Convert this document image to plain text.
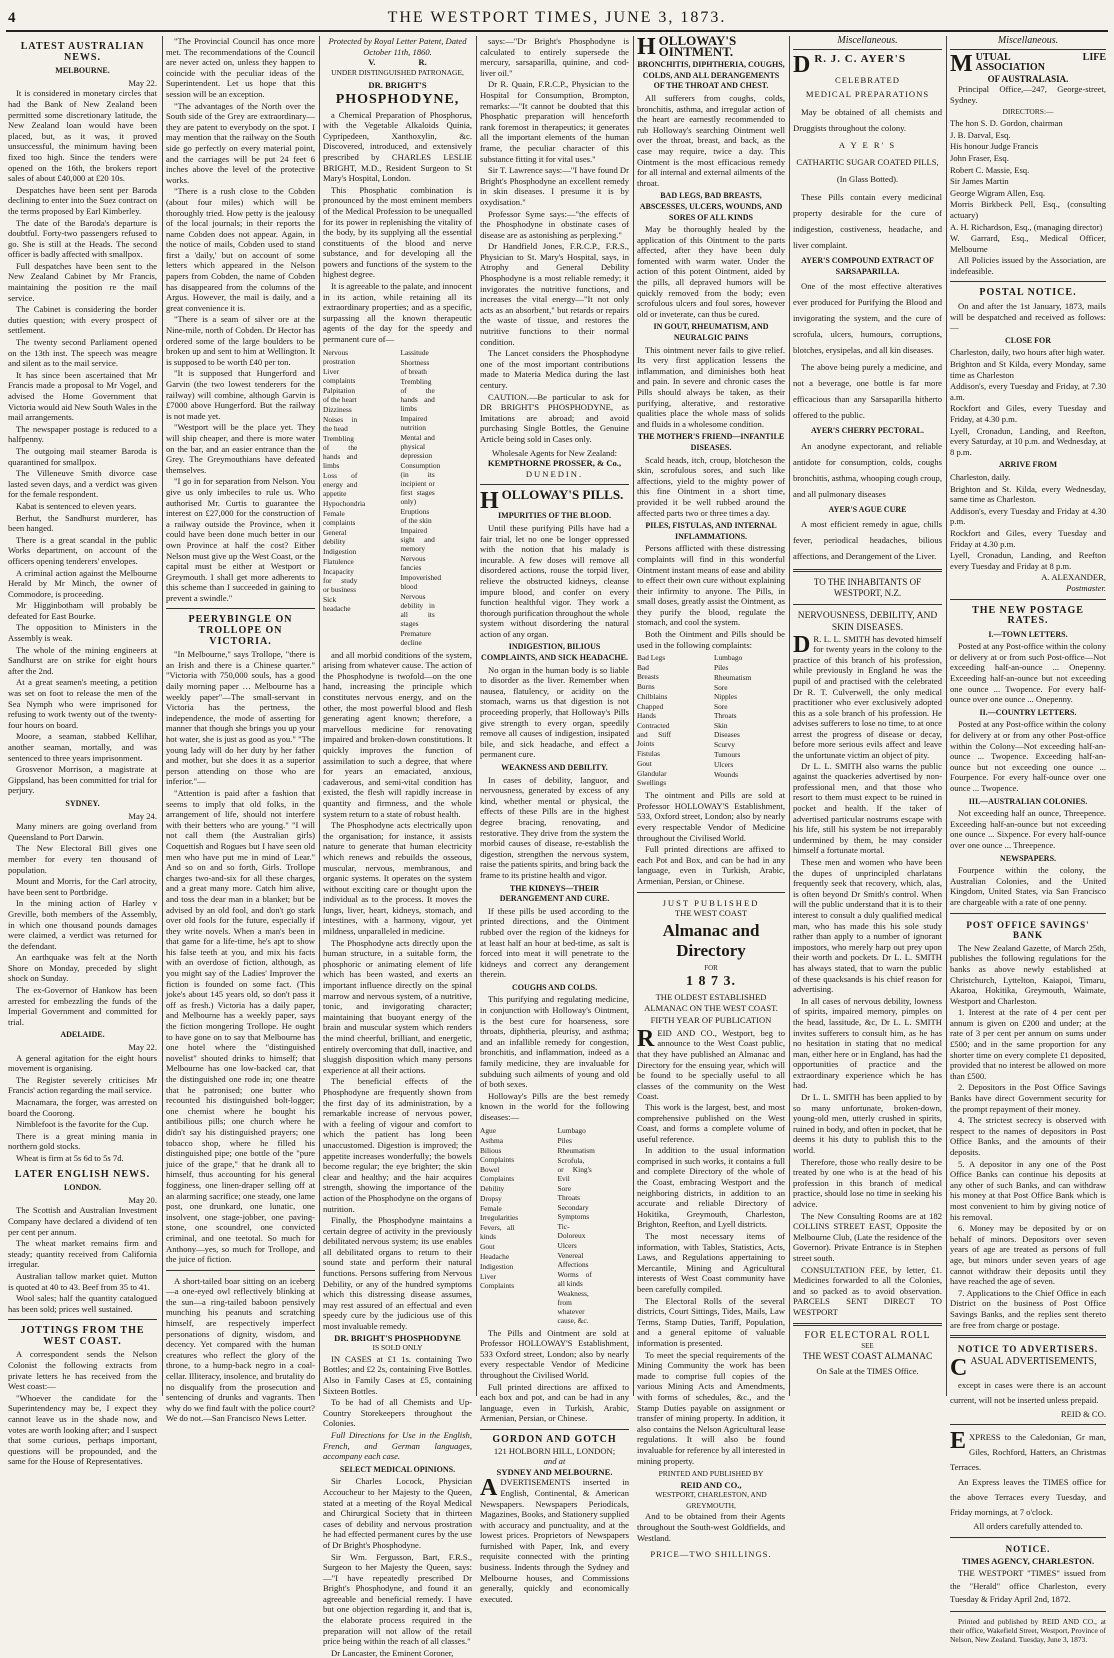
4	THE WESTPORT TIMES, JUNE 3, 1873.
LATEST AUSTRALIAN NEWS.
MELBOURNE.
May 22.

It is considered in monetary circles that had the Bank of New Zealand been permitted some discretionary latitude, the New Zealand loan would have been placed, but, as it was, it proved unsuccessful, the minimum having been fixed too high. Since the tenders were opened on the 16th, the brokers report sales of about £40,000 at £20 10s.

Despatches have been sent per Baroda declining to enter into the Suez contract on the terms proposed by Earl Kimberley.

The date of the Baroda's departure is doubtful. Forty-two passengers refused to go. She is still at the Heads. The second officer is badly affected with smallpox.

Full despatches have been sent to the New Zealand Cabinet by Mr Francis, maintaining the position re the mail service.

The Cabinet is considering the border duties question; with every prospect of settlement.

The twenty second Parliament opened on the 13th inst. The speech was meagre and silent as to the mail service.

It has since been ascertained that Mr Francis made a proposal to Mr Vogel, and advised the Home Government that Victoria would aid New South Wales in the mail arrangements.

The newspaper postage is reduced to a halfpenny.

The outgoing mail steamer Baroda is quarantined for smallpox.

The Villeneuve Smith divorce case lasted seven days, and a verdict was given for the female respondent.

Kabat is sentenced to eleven years.

Berhut, the Sandhurst murderer, has been hanged.

There is a great scandal in the public Works department, on account of the officers opening tenderers' envelopes.

A criminal action against the Melbourne Herald by Mr Minch, the owner of Commodore, is proceeding.

Mr Higginbotham will probably be defeated for East Bourke.

The opposition to Ministers in the Assembly is weak.

The whole of the mining engineers at Sandhurst are on strike for eight hours after the 2nd.

At a great seamen's meeting, a petition was set on foot to release the men of the Sea Nymph who were imprisoned for refusing to work twenty out of the twenty-four hours on board.

Moore, a seaman, stabbed Kellihar, another seaman, mortally, and was sentenced to three years imprisonment.

Grosvenor Morrison, a magistrate at Gippsland, has been committed for trial for perjury.

SYDNEY.
May 24.

Many miners are going overland from Queensland to Port Darwin.

The New Electoral Bill gives one member for every ten thousand of population.

Mount and Morris, for the Carl atrocity, have been sent to Portbridge.

In the mining action of Harley v Greville, both members of the Assembly, in which one thousand pounds damages were claimed, a verdict was returned for the defendant.

An earthquake was felt at the North Shore on Monday, preceded by slight shock on Sunday.

The ex-Governor of Hankow has been arrested for embezzling the funds of the Imperial Government and committed for trial.

ADELAIDE.
May 22.

A general agitation for the eight hours movement is organising.

The Register severely criticises Mr Francis' action regarding the mail service.

Macnamara, the forger, was arrested on board the Coorong.

Nimblefoot is the favorite for the Cup.

There is a great mining mania in northern gold stocks.

Wheat is firm at 5s 6d to 5s 7d.

LATER ENGLISH NEWS.
LONDON.
May 20.

The Scottish and Australian Investment Company have declared a dividend of ten per cent per annum.

The wheat market remains firm and steady; quantity received from California irregular.

Australian tallow market quiet. Mutton is quoted at 40 to 43. Beef from 35 to 41.

Wool sales; half the quantity catalogued has been sold; prices well sustained.

JOTTINGS FROM THE WEST COAST.

A correspondent sends the Nelson Colonist the following extracts from private letters he has received from the West coast:—

"Whoever the candidate for the Superintendency may be, I expect they cannot leave us in the shade now, and votes are worth looking after; and I suspect that some curious, perhaps important, questions will be propounded, and the same for the House of Representatives.

"The Provincial Council has once more met. The recommendations of the Council are never acted on, unless they happen to coincide with the peculiar ideas of the Superintendent. Let us hope that this session will be an exception.

"The advantages of the North over the South side of the Grey are extraordinary—they are patent to everybody on the spot. I may mention that the railway on the South side go perfectly on every material point, and the carriages will be put 24 feet 6 inches above the level of the protective works.

"There is a rush close to the Cobden (about four miles) which will be thoroughly tried. How petty is the jealousy of the local journals; in their reports the name Cobden does not appear. Again, in the notice of mails, Cobden used to stand first a 'daily,' but on account of some letters which appeared in the Nelson papers from Cobden, the name of Cobden has disappeared from the columns of the Argus. However, the mail is daily, and a great convenience it is.

"There is a seam of silver ore at the Nine-mile, north of Cobden. Dr Hector has ordered some of the large boulders to be broken up and sent to him at Wellington. It is supposed to be worth £40 per ton.

"It is supposed that Hungerford and Garvin (the two lowest tenderers for the railway) will combine, although Garvin is £7000 above Hungerford. But the railway is not made yet.

"Westport will be the place yet. They will ship cheaper, and there is more water on the bar, and an easier entrance than the Grey. The Greymouthians have defeated themselves.

"I go in for separation from Nelson. You give us only imbeciles to rule us. Who authorised Mr. Curtis to guarantee the interest on £27,000 for the construction of a railway outside the Province, when it could have been done much better in our own Province at half the cost? Either Nelson must give up the West Coast, or the capital must be either at Westport or Greymouth. I shall get more adherents to this scheme than I succeeded in gaining to prevent a swindle."

PEERYBINGLE ON TROLLOPE ON VICTORIA.

"In Melbourne," says Trollope, "there is an Irish and there is a Chinese quarter." "Victoria with 750,000 souls, has a good daily morning paper … Melbourne has a weekly paper"—The small-servant in Victoria has the pertness, the independence, the mode of asserting for manner that though she brings you up your hot water, she is just as good as you." "The young lady will do her duty by her father and mother, but she does it as a superior person attending on those who are inferior."—

"Attention is paid after a fashion that seems to imply that old folks, in the arrangement of life, should not interfere with their betters who are young." "I will not call them (the Australian girls) Coquettish and Rogues but I have seen old men who have put me in mind of Lear." And so on and so forth, Girls. Trollope charges two-and-six for all these charges, and a great many more. Catch him alive, and toss the dear man in a blanket; but be advised by an old fool, and don't go stark over old fools for the future, especially if they write novels. When a man's been in that game for a life-time, he's apt to show his false teeth at you, and mix his facts with an overdose of fiction, although, as you might say of the Ladies' Improver the fiction is founded on some fact. (This joke's about 145 years old, so don't pass it off as fresh.) Victoria has a daily paper, and Melbourne has a weekly paper, says the fiction mongering Trollope. He ought to have gone on to say that Melbourne has one hotel where the "distinguished novelist" shouted drinks to himself; that Melbourne has one low-backed car, that the distinguished one rode in; one theatre that he patronised; one butter who recounted his distinguished bolt-logger; one chemist where he bought his antibilious pills; one church where he didn't say his distinguished prayers; one tobacco shop, where he filled his distinguished pipe; one bottle of the "pure juice of the grape," that he drank all to himself, thus accounting for his general fogginess, one linen-draper selling off at an alarming sacrifice; one steady, one lame post, one drunkard, one lunatic, one insolvent, one stage-jobber, one paving-stone, one scoundrel, one convicted criminal, and one teetotal. So much for Anthony—yes, so much for Trollope, and the juice of fiction.

A short-tailed boar sitting on an iceberg—a one-eyed owl reflectively blinking at the sun—a ring-tailed baboon pensively munching his peanuts and scratching himself, are respectively imperfect personations of dignity, wisdom, and decency. Yet compared with the human creatures who reflect the glory of the throne, to a hump-back negro in a coal-cellar. Illiteracy, insolence, and brutality do no disqualify from the prosecution and sentencing of drunks and vagrants. Then why do we find fault with the police court? We do not.—San Francisco News Letter.

Protected by Royal Letter Patent, Dated October 11th, 1860.
V.                    R.
UNDER DISTINGUISHED PATRONAGE,
DR. BRIGHT'S
PHOSPHODYNE,

a Chemical Preparation of Phosphorus, with the Vegetable Alkaloids Quinia, Cypripedeen, Xanthoxylin, &c. Discovered, introduced, and extensively prescribed by CHARLES LESLIE BRIGHT, M.D., Resident Surgeon to St Mary's Hospital, London.

This Phosphatic combination is pronounced by the most eminent members of the Medical Profession to be unequalled for its power in replenishing the vitality of the body, by its supplying all the essential constituents of the blood and nerve substance, and for developing all the powers and functions of the system to the highest degree.

It is agreeable to the palate, and innocent in its action, while retaining all its extraordinary properties; and as a specific, surpassing all the known therapeutic agents of the day for the speedy and permanent cure of—

Nervous prostration
Liver complaints
Palpitation of the heart
Dizziness
Noises in the head
Trembling of the hands and limbs
Loss of energy and appetite
Hypochondria
Female complaints
General debility
Indigestion
Flatulence
Incapacity for study or business
Sick headache
Lassitude
Shortness of breath
Trembling of the hands and limbs
Impaired nutrition
Mental and physical depression
Consumption (in its incipient or first stages only)
Eruptions of the skin
Impaired sight and memory
Nervous fancies
Impoverished blood
Nervous debility in all its stages
Premature decline

and all morbid conditions of the system, arising from whatever cause. The action of the Phosphodyne is twofold—on the one hand, increasing the principle which constitutes nervous energy, and on the other, the most powerful blood and flesh generating agent known; therefore, a marvellous medicine for renovating impaired and broken-down constitutions. It quickly improves the function of assimilation to such a degree, that where for years an emaciated, anxious, cadaverous, and semi-vital condition has existed, the flesh will rapidly increase in quantity and firmness, and the whole system return to a state of robust health.

The Phosphodyne acts electrically upon the organisation; for instance, it assists nature to generate that human electricity which renews and rebuilds the osseous, muscular, nervous, membranous, and organic systems. It operates on the system without exciting care or thought upon the individual as to the process. It moves the lungs, liver, heart, kidneys, stomach, and intestines, with a harmony, vigour, yet mildness, unparalleled in medicine.

The Phosphodyne acts directly upon the human structure, in a suitable form, the phosphoric or animating element of life which has been wasted, and exerts an important influence directly on the spinal marrow and nervous system, of a nutritive, tonic, and invigorating character; maintaining that buoyant energy of the brain and muscular system which renders the mind cheerful, brilliant, and energetic, entirely overcoming that dull, inactive, and sluggish disposition which many persons experience at all their actions.

The beneficial effects of the Phosphodyne are frequently shown from the first day of its administration, by a remarkable increase of nervous power, with a feeling of vigour and comfort to which the patient has long been unaccustomed. Digestion is improved; the appetite increases wonderfully; the bowels become regular; the eye brighter; the skin clear and healthy; and the hair acquires strength, showing the importance of the action of the Phosphodyne on the organs of nutrition.

Finally, the Phosphodyne maintains a certain degree of activity in the previously debilitated nervous system; its use enables all debilitated organs to return to their sound state and perform their natural functions. Persons suffering from Nervous Debility, or any of the hundred symptoms which this distressing disease assumes, may rest assured of an effectual and even speedy cure by the judicious use of this most invaluable remedy.

DR. BRIGHT'S PHOSPHODYNE
IS SOLD ONLY

IN CASES at £1 1s. containing Two Bottles; and £2 2s, containing Five Bottles. Also in Family Cases at £5, containing Sixteen Bottles.

To be had of all Chemists and Up-Country Storekeepers throughout the Colonies.

Full Directions for Use in the English, French, and German languages, accompany each case.

SELECT MEDICAL OPINIONS.

Sir Charles Locock, Physician Accoucheur to her Majesty to the Queen, stated at a meeting of the Royal Medical and Chirurgical Society that in thirteen cases of debility and nervous prostration he had effected permanent cures by the use of Dr Bright's Phosphodyne.

Sir Wm. Fergusson, Bart, F.R.S., Surgeon to her Majesty the Queen, says:—"I have repeatedly prescribed Dr Bright's Phosphodyne, and found it an agreeable and beneficial remedy. I have but one objection regarding it, and that is, the elaborate process required in the preparation will not allow of the retail price being within the reach of all classes."

Dr Lancaster, the Eminent Coroner,

says:—"Dr Bright's Phosphodyne is calculated to entirely supersede the mercury, sarsaparilla, quinine, and cod-liver oil."

Dr R. Quain, F.R.C.P., Physician to the Hospital for Consumption, Brompton, remarks:—"It cannot be doubted that this Phosphatic preparation will henceforth rank foremost in therapeutics; it generates all the important elements of the human frame, the peculiar character of this substance fitting it for vital uses."

Sir T. Lawrence says:—"I have found Dr Bright's Phosphodyne an excellent remedy in skin diseases. I presume it is by oxydisation."

Professor Syme says:—"the effects of the Phosphodyne in obstinate cases of disease are as astonishing as perplexing."

Dr Handfield Jones, F.R.C.P., F.R.S., Physician to St. Mary's Hospital, says, in Atrophy and General Debility Phosphodyne is a most reliable remedy; it invigorates the nutritive functions, and increases the vital energy—"It not only acts as an absorbent," but retards or repairs the waste of tissue, and restores the nutritive functions to their normal condition.

The Lancet considers the Phosphodyne one of the most important contributions made to Materia Medica during the last century.

CAUTION.—Be particular to ask for DR BRIGHT'S PHOSPHODYNE, as Imitations are abroad; and avoid purchasing Single Bottles, the Genuine Article being sold in Cases only.

Wholesale Agents for New Zealand:
KEMPTHORNE PROSSER, & Co.,
DUNEDIN.
HOLLOWAY'S PILLS.
IMPURITIES OF THE BLOOD.

Until these purifying Pills have had a fair trial, let no one be longer oppressed with the notion that his malady is incurable. A few doses will remove all disordered actions, rouse the torpid liver, relieve the obstructed kidneys, cleanse impure blood, and confer on every function healthful vigor. They work a thorough purification throughout the whole system without disordering the natural action of any organ.

INDIGESTION, BILIOUS COMPLAINTS, AND SICK HEADACHE.

No organ in the human body is so liable to disorder as the liver. Remember when nausea, flatulency, or acidity on the stomach, warns us that digestion is not proceeding properly, that Holloway's Pills give strength to every organ, speedily remove all causes of indigestion, insipated bile, and sick headache, and effect a permanent cure.

WEAKNESS AND DEBILITY.

In cases of debility, languor, and nervousness, generated by excess of any kind, whether mental or physical, the effects of these Pills are in the highest degree bracing, renovating, and restorative. They drive from the system the morbid causes of disease, re-establish the digestion, strengthen the nervous system, raise the patients spirits, and bring back the frame to its pristine health and vigor.

THE KIDNEYS—THEIR DERANGEMENT AND CURE.

If these pills be used according to the printed directions, and the Ointment rubbed over the region of the kidneys for at least half an hour at bed-time, as salt is forced into meat it will penetrate to the kidneys and correct any derangement therein.

COUGHS AND COLDS.

This purifying and regulating medicine, in conjunction with Holloway's Ointment, is the best cure for hoarseness, sore throats, diphtheria, pleurisy, and asthma; and an infallible remedy for congestion, bronchitis, and inflammation, indeed as a family medicine, they are invaluable for subduing such ailments of young and old of both sexes.

Holloway's Pills are the best remedy known in the world for the following diseases:—

Ague
Asthma
Bilious Complaints
Bowel Complaints
Debility
Dropsy
Female Irregularities
Fevers, all kinds
Gout
Headache
Indigestion
Liver Complaints
Lumbago
Piles
Rheumatism
Scrofula, or King's Evil
Sore Throats
Secondary Symptoms
Tic-Doloreux
Ulcers
Venereal Affections
Worms of all kinds
Weakness, from whatever cause, &c.

The Pills and Ointment are sold at Professor HOLLOWAY'S Establishment, 533 Oxford street, London; also by nearly every respectable Vendor of Medicine throughout the Civilised World.

Full printed directions are affixed to each box and pot, and can be had in any language, even in Turkish, Arabic, Armenian, Persian, or Chinese.

GORDON AND GOTCH
121 HOLBORN HILL, LONDON;
and at
SYDNEY AND MELBOURNE.
ADVERTISEMENTS inserted in English, Continental, & American Newspapers. Newspapers Periodicals, Magazines, Books, and Stationery supplied with accuracy and punctuality, and at the lowest prices. Proprietors of Newspapers furnished with Paper, Ink, and every requisite connected with the printing business. Indents through the Sydney and Melbourne houses, and Commissions generally, quickly and economically executed.
HOLLOWAY'S OINTMENT.
BRONCHITIS, DIPHTHERIA, COUGHS, COLDS, AND ALL DERANGEMENTS OF THE THROAT AND CHEST.

All sufferers from coughs, colds, bronchitis, asthma, and irregular action of the heart are earnestly recommended to rub Holloway's searching Ointment well over the throat, breast, and back, as the case may require, twice a day. This Ointment is the most efficacious remedy for all internal and external ailments of the throat.

BAD LEGS, BAD BREASTS, ABSCESSES, ULCERS, WOUNDS, AND SORES OF ALL KINDS

May be thoroughly healed by the application of this Ointment to the parts affected, after they have been duly fomented with warm water. Under the action of this potent Ointment, aided by the pills, all depraved humors will be quickly removed from the body; even scrofulous ulcers and foul sores, however old or inveterate, can thus be cured.

IN GOUT, RHEUMATISM, AND NEURALGIC PAINS

This ointment never fails to give relief. Its very first application lessens the inflammation, and diminishes both heat and pain. In severe and chronic cases the Pills should always be taken, as their purifying, alterative, and restorative qualities place the whole mass of solids and fluids in a wholesome condition.

THE MOTHER'S FRIEND—INFANTILE DISEASES.

Scald heads, itch, croup, blotcheson the skin, scrofulous sores, and such like affections, yield to the mighty power of this fine Ointment in a short time, provided it be well rubbed around the affected parts two or three times a day.

PILES, FISTULAS, AND INTERNAL INFLAMMATIONS.

Persons afflicted with these distressing complaints will find in this wonderful Ointment instant means of ease and ability to effect their own cure without explaining their infirmity to anyone. The Pills, in small doses, greatly assist the Ointment, as they purify the blood, regulate the stomach, and cool the system.

Both the Ointment and Pills should be used in the following complaints:

Bad Legs
Bad Breasts
Burns
Chilblains
Chapped Hands
Contracted and Stiff Joints
Fistulas
Gout
Glandular Swellings
Lumbago
Piles
Rheumatism
Sore Nipples
Sore Throats
Skin Diseases
Scurvy
Tumours
Ulcers
Wounds

The ointment and Pills are sold at Professor HOLLOWAY'S Establishment, 533, Oxford street, London; also by nearly every respectable Vendor of Medicine throughout the Civilised World.

Full printed directions are affixed to each Pot and Box, and can be had in any language, even in Turkish, Arabic, Armenian, Persian, or Chinese.

JUST PUBLISHED
THE WEST COAST
Almanac and Directory
FOR
1 8 7 3.
THE OLDEST ESTABLISHED ALMANAC ON THE WEST COAST.
FIFTH YEAR OF PUBLICATION
REID AND CO., Westport, beg to announce to the West Coast public, that they have published an Almanac and Directory for the ensuing year, which will be found to be specially useful to all classes of the community on the West Coast.

This work is the largest, best, and most comprehensive published on the West Coast, and forms a complete volume of useful reference.

In addition to the usual information comprised in such works, it contains a full and complete Directory of the whole of the Coast, embracing Westport and the neighboring districts, in addition to an accurate and reliable Directory of Hokitika, Greymouth, Charleston, Brighton, Reefton, and Lyell districts.

The most necessary items of information, with Tables, Statistics, Acts, Laws, and Regulations appertaining to Mercantile, Mining and Agricultural interests of West Coast community have been carefully compiled.

The Electoral Rolls of the several districts, Court Sittings, Tides, Mails, Law Terms, Stamp Duties, Tariff, Population, and a general epitome of valuable information is presented.

To meet the special requirements of the Mining Community the work has been made to comprise full copies of the various Mining Acts and Amendments, with forms of schedules, &c., and the Stamp Duties payable on assignment or transfer of mining property. In addition, it also contains the Nelson Agricultural lease regulations. It will also be found invaluable for reference by all interested in mining property.

PRINTED AND PUBLISHED BY
REID AND CO.,
WESTPORT, CHARLESTON, AND GREYMOUTH,

And to be obtained from their Agents throughout the South-west Goldfields, and Westland.

PRICE—TWO SHILLINGS.
Miscellaneous.
D R. J. C. AYER'S
CELEBRATED
MEDICAL PREPARATIONS

May be obtained of all chemists and Druggists throughout the colony.

A Y E R' S
CATHARTIC SUGAR COATED PILLS,
(In Glass Botted).

These Pills contain every medicinal property desirable for the cure of indigestion, costiveness, headache, and liver complaint.

AYER'S COMPOUND EXTRACT OF SARSAPARILLA.

One of the most effective alteratives ever produced for Purifying the Blood and invigorating the system, and the cure of scrofula, ulcers, humours, corruptions, blotches, erysipelas, and all kin diseases.

The above being purely a medicine, and not a beverage, one bottle is far more efficacious than any Sarsaparilla hitherto offered to the public.

AYER'S CHERRY PECTORAL.

An anodyne expectorant, and reliable antidote for consumption, colds, coughs bronchitis, asthma, whooping cough croup, and all pulmonary diseases

AYER'S AGUE CURE

A most efficient remedy in ague, chills fever, periodical headaches, bilious affections, and Derangement of the Liver.

TO THE INHABITANTS OF WESTPORT, N.Z.
NERVOUSNESS, DEBILITY, AND SKIN DISEASES.
D R. L. L. SMITH has devoted himself for twenty years in the colony to the practice of this branch of his profession, while previously in England he was the pupil of and practised with the celebrated Dr R. T. Culverwell, the only medical practitioner who ever exclusively adopted this as a sole branch of his profession. He advises sufferers to lose no time, to at once arrest the progress of disease or decay, before more serious evils affect and leave the unfortunate victim an object of pity.

Dr L. L. SMITH also warns the public against the quackeries advertised by non-professional men, and that those who resort to them must expect to be ruined in pocket and health. If the taker of advertised particular nostrums escape with his life, still his system be not irreparably undermined by them, he may consider himself a fortunate mortal.

These men and women who have been the dupes of unprincipled charlatans frequently seek that recovery, which, alas, is often beyond Dr Smith's control. When will the public understand that it is to their interest to consult a duly qualified medical man, who has made this his sole study rather than apply to a number of ignorant impostors, who merely harp out prey upon their worth and pockets. Dr L. L. SMITH has always stated, that to warn the public of these quacksands is his chief reason for advertising.

In all cases of nervous debility, lowness of spirits, impaired memory, pimples on the head, lassitude, &c, Dr L. L. SMITH invites sufferers to consult him, as he has no hesitation in stating that no medical man, either here or in England, has had the opportunities of practice and the extraordinary experience which he has had.

Dr L. L. SMITH has been applied to by so many unfortunate, broken-down, young-old men, utterly crushed in spirits, ruined in body, and often in pocket, that he deems it his duty to publish this to the world.

Therefore, those who really desire to be treated by one who is at the head of his profession in this branch of medical practice, should lose no time in seeking his advice.

The New Consulting Rooms are at 182 COLLINS STREET EAST, Opposite the Melbourne Club, (Late the residence of the Governor). Private Entrance is in Stephen street south.

CONSULTATION FEE, by letter, £1. Medicines forwarded to all the Colonies, and so packed as to avoid observation. PARCELS SENT DIRECT TO WESTPORT

FOR ELECTORAL ROLL
SEE
THE WEST COAST ALMANAC
On Sale at the TIMES Office.
Miscellaneous.
MUTUAL LIFE ASSOCIATION
OF AUSTRALASIA.

Principal Office,—247, George-street, Sydney.

DIRECTORS:—
The hon S. D. Gordon, chairman
J. B. Darval, Esq.
His honour Judge Francis
John Fraser, Esq.
Robert C. Massie, Esq.
Sir James Martin
George Wigram Allen, Esq.
Morris Birkbeck Pell, Esq., (consulting actuary)
A. H. Richardson, Esq., (managing director)
W. Garrard, Esq., Medical Officer, Melbourne

All Policies issued by the Association, are indefeasible.

POSTAL NOTICE.

On and after the 1st January, 1873, mails will be despatched and received as follows:—

CLOSE FOR
Charleston, daily, two hours after high water.
Brighton and St Kilda, every Monday, same time as Charleston
Addison's, every Tuesday and Friday, at 7.30 a.m.
Rockfort and Giles, every Tuesday and Friday, at 4.30 p.m.
Lyell, Cronadun, Landing, and Reefton, every Saturday, at 10 p.m. and Wednesday, at 8 p.m.
ARRIVE FROM
Charleston, daily.
Brighton and St. Kilda, every Wednesday, same time as Charleston.
Addison's, every Tuesday and Friday at 4.30 p.m.
Rockfort and Giles, every Tuesday and Friday at 4.30 p.m.
Lyell, Cronadun, Landing, and Reefton every Tuesday and Friday at 8 p.m.
A. ALEXANDER,
Postmaster.
THE NEW POSTAGE RATES.
I.—TOWN LETTERS.

Posted at any Post-office within the colony or delivery at or from such Post-office—Not exceeding half-an-ounce ... Onepenny. Exceeding half-an-ounce but not exceeding one ounce ... Twopence. For every half-ounce over one ounce ... Onepenny.

II.—COUNTRY LETTERS.

Posted at any Post-office within the colony for delivery at or from any other Post-office within the Colony—Not exceeding half-an-ounce ... Twopence. Exceeding half-an-ounce but not exceeding one ounce ... Fourpence. For every half-ounce over one ounce ... Twopence.

III.—AUSTRALIAN COLONIES.

Not exceeding half an ounce, Threepence. Exceeding half-an-ounce but not exceeding one ounce ... Sixpence. For every half-ounce over one ounce ... Threepence.

NEWSPAPERS.

Fourpence within the colony, the Australian Colonies, and the United Kingdom, United States, via San Francisco are chargeable with a rate of one penny.

POST OFFICE SAVINGS' BANK

The New Zealand Gazette, of March 25th, publishes the following regulations for the banks as above newly established at Christchurch, Lyttelton, Kaiapoi, Timaru, Akaroa, Hokitika, Greymouth, Waimate, Westport and Charleston.

1. Interest at the rate of 4 per cent per annum is given on £200 and under; at the rate of 3 per cent per annum on sums under £500; and in the same proportion for any shorter time on every complete £1 deposited, provided that no interest be allowed on more than £500.

2. Depositors in the Post Office Savings Banks have direct Government security for the prompt repayment of their money.

4. The strictest secrecy is observed with respect to the names of depositors in Post Office Banks, and the amounts of their deposits.

5. A depositor in any one of the Post Office Banks can continue his deposits at any other of such Banks, and can withdraw his money at that Post Office Bank which is most convenient to him by giving notice of his removal.

6. Money may be deposited by or on behalf of minors. Depositors over seven years of age are treated as persons of full age, but minors under seven years of age cannot withdraw their deposits until they have reached the age of seven.

7. Applications to the Chief Office in each District on the business of Post Office Savings Banks, and the replies sent thereto are free from charge or postage.

NOTICE TO ADVERTISERS.
CASUAL ADVERTISEMENTS,

except in cases were there is an account current, will not be inserted unless prepaid.

REID & CO.
EXPRESS to the Caledonian, Gr man, Giles, Rochford, Hatters, an Christmas Terraces.

An Express leaves the TIMES office for the above Terraces every Tuesday, and Friday mornings, at 7 o'clock.

All orders carefully attended to.

NOTICE.
TIMES AGENCY, CHARLESTON.

THE WESTPORT "TIMES" issued from the "Herald" office Charleston, every Tuesday & Friday April 2nd, 1872.

Printed and published by REID AND CO., at their office, Wakefield Street, Westport, Province of Nelson, New Zealand. Tuesday, June 3, 1873.
